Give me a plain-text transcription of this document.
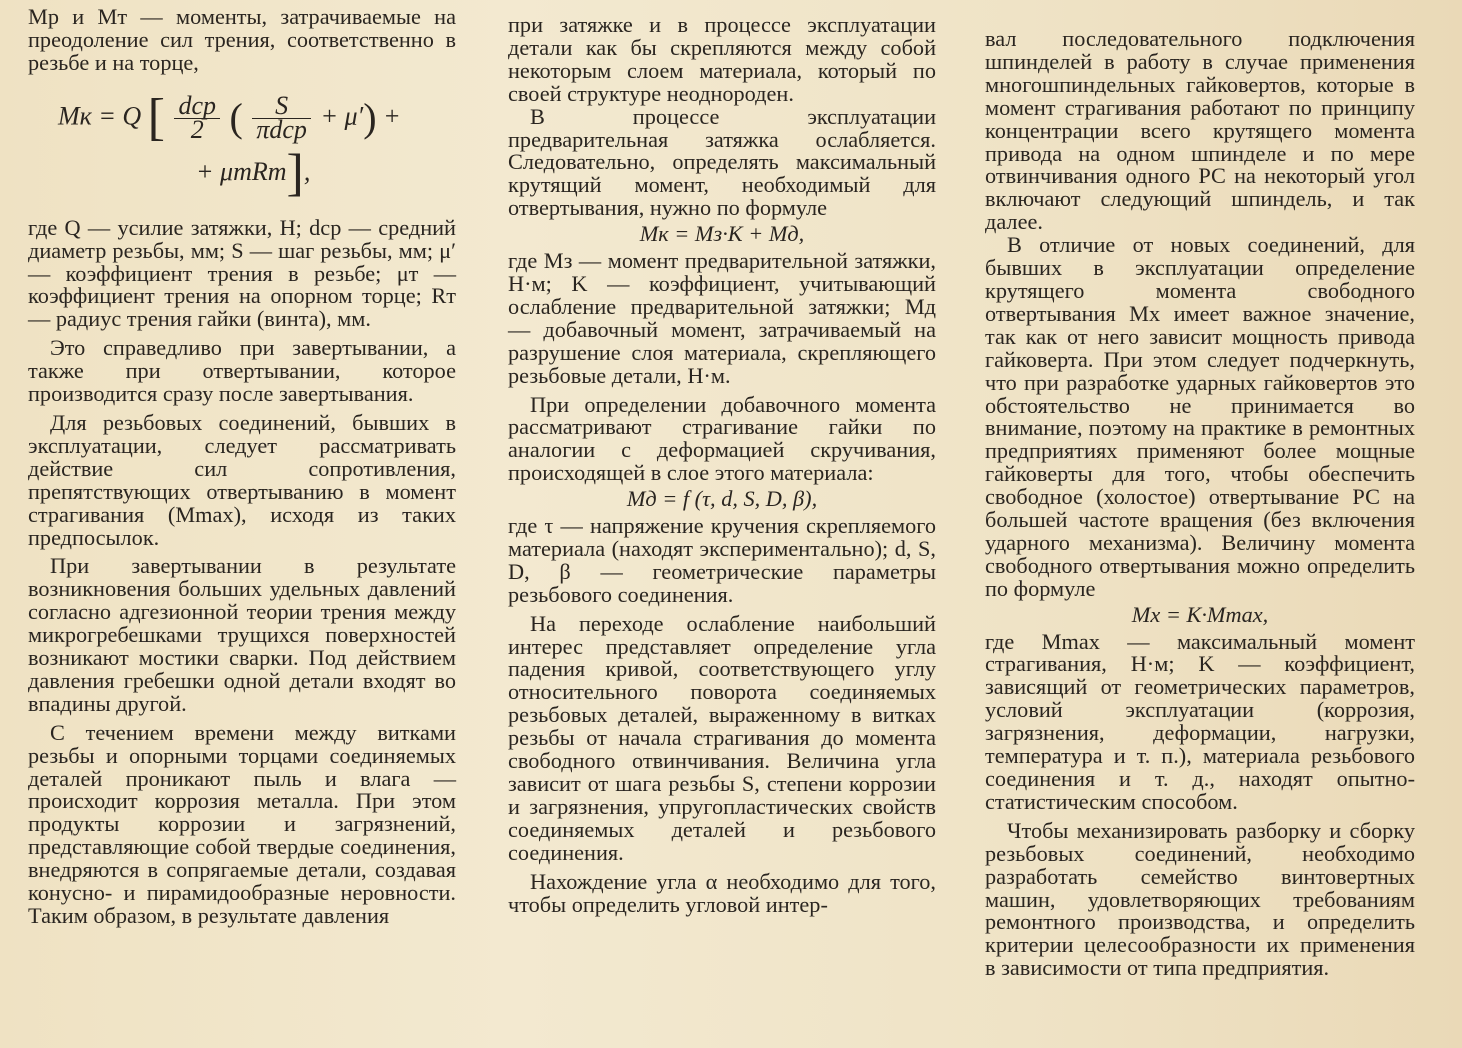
Mр и Mт — моменты, затрачиваемые на преодоление сил трения, соответственно в резьбе и на торце,

Mк = Q [ $\frac{\text{dср}}{2}$ ( $\frac{S}{\text{πdср}} + \mu'$) +
+ μтRт],

где Q — усилие затяжки, Н; dср — средний диаметр резьбы, мм; S — шаг резьбы, мм; μ′ — коэффициент трения в резьбе; μт — коэффициент трения на опорном торце; Rт — радиус трения гайки (винта), мм.

Это справедливо при завертывании, а также при отвертывании, которое производится сразу после завертывания.

Для резьбовых соединений, бывших в эксплуатации, следует рассматривать действие сил сопротивления, препятствующих отвертыванию в момент страгивания (Mmax), исходя из таких предпосылок.

При завертывании в результате возникновения больших удельных давлений согласно адгезионной теории трения между микрогребешками трущихся поверхностей возникают мостики сварки. Под действием давления гребешки одной детали входят во впадины другой.

С течением времени между витками резьбы и опорными торцами соединяемых деталей проникают пыль и влага — происходит коррозия металла. При этом продукты коррозии и загрязнений, представляющие собой твердые соединения, внедряются в сопрягаемые детали, создавая конусно- и пирамидообразные неровности. Таким образом, в результате давления

при затяжке и в процессе эксплуатации детали как бы скрепляются между собой некоторым слоем материала, который по своей структуре неоднороден.

В процессе эксплуатации предварительная затяжка ослабляется. Следовательно, определять максимальный крутящий момент, необходимый для отвертывания, нужно по формуле

Mк = Mз·K + Mд,

где Mз — момент предварительной затяжки, Н·м; K — коэффициент, учитывающий ослабление предварительной затяжки; Mд — добавочный момент, затрачиваемый на разрушение слоя материала, скрепляющего резьбовые детали, Н·м.

При определении добавочного момента рассматривают страгивание гайки по аналогии с деформацией скручивания, происходящей в слое этого материала:

Mд = f (τ, d, S, D, β),

где τ — напряжение кручения скрепляемого материала (находят экспериментально); d, S, D, β — геометрические параметры резьбового соединения.

На переходе ослабление наибольший интерес представляет определение угла падения кривой, соответствующего углу относительного поворота соединяемых резьбовых деталей, выраженному в витках резьбы от начала страгивания до момента свободного отвинчивания. Величина угла зависит от шага резьбы S, степени коррозии и загрязнения, упругопластических свойств соединяемых деталей и резьбового соединения.

Нахождение угла α необходимо для того, чтобы определить угловой интер-

вал последовательного подключения шпинделей в работу в случае применения многошпиндельных гайковертов, которые в момент страгивания работают по принципу концентрации всего крутящего момента привода на одном шпинделе и по мере отвинчивания одного РС на некоторый угол включают следующий шпиндель, и так далее.

В отличие от новых соединений, для бывших в эксплуатации определение крутящего момента свободного отвертывания Mх имеет важное значение, так как от него зависит мощность привода гайковерта. При этом следует подчеркнуть, что при разработке ударных гайковертов это обстоятельство не принимается во внимание, поэтому на практике в ремонтных предприятиях применяют более мощные гайковерты для того, чтобы обеспечить свободное (холостое) отвертывание РС на большей частоте вращения (без включения ударного механизма). Величину момента свободного отвертывания можно определить по формуле

Mх = K·Mmax,

где Mmax — максимальный момент страгивания, Н·м; K — коэффициент, зависящий от геометрических параметров, условий эксплуатации (коррозия, загрязнения, деформации, нагрузки, температура и т. п.), материала резьбового соединения и т. д., находят опытно-статистическим способом.

Чтобы механизировать разборку и сборку резьбовых соединений, необходимо разработать семейство винтовертных машин, удовлетворяющих требованиям ремонтного производства, и определить критерии целесообразности их применения в зависимости от типа предприятия.
